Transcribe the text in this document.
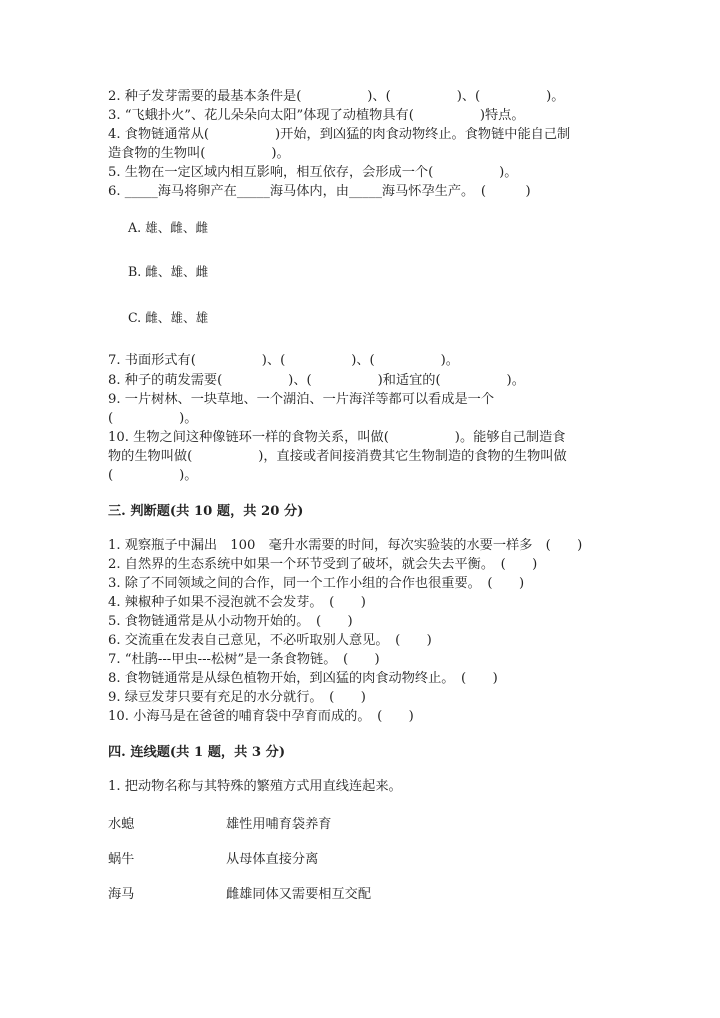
2. 种子发芽需要的最基本条件是(　　　　　)、(　　　　　)、(　　　　　)。
3. “飞蛾扑火”、花儿朵朵向太阳”体现了动植物具有(　　　　　)特点。
4. 食物链通常从(　　　　　)开始，到凶猛的肉食动物终止。食物链中能自己制
造食物的生物叫(　　　　　)。
5. 生物在一定区域内相互影响，相互依存，会形成一个(　　　　　)。
6. _____海马将卵产在_____海马体内，由_____海马怀孕生产。　(　　　)
A. 雄、雌、雌
B. 雌、雄、雌
C. 雌、雄、雄
7. 书面形式有(　　　　　)、(　　　　　)、(　　　　　)。
8. 种子的萌发需要(　　　　　)、(　　　　　)和适宜的(　　　　　)。
9. 一片树林、一块草地、一个湖泊、一片海洋等都可以看成是一个
(　　　　　)。
10. 生物之间这种像链环一样的食物关系，叫做(　　　　　)。能够自己制造食
物的生物叫做(　　　　　)，直接或者间接消费其它生物制造的食物的生物叫做
(　　　　　)。
三. 判断题(共 10 题，共 20 分)
1. 观察瓶子中漏出　100　毫升水需要的时间，每次实验装的水要一样多　(　　)
2. 自然界的生态系统中如果一个环节受到了破坏，就会失去平衡。　(　　)
3. 除了不同领域之间的合作，同一个工作小组的合作也很重要。　(　　)
4. 辣椒种子如果不浸泡就不会发芽。　(　　)
5. 食物链通常是从小动物开始的。　(　　)
6. 交流重在发表自己意见，不必听取别人意见。　(　　)
7. “杜鹃---甲虫---松树”是一条食物链。　(　　)
8. 食物链通常是从绿色植物开始，到凶猛的肉食动物终止。　(　　)
9. 绿豆发芽只要有充足的水分就行。　(　　)
10. 小海马是在爸爸的哺育袋中孕育而成的。　(　　)
四. 连线题(共 1 题，共 3 分)
1. 把动物名称与其特殊的繁殖方式用直线连起来。
水螅	雄性用哺育袋养育
蜗牛	从母体直接分离
海马	雌雄同体又需要相互交配
